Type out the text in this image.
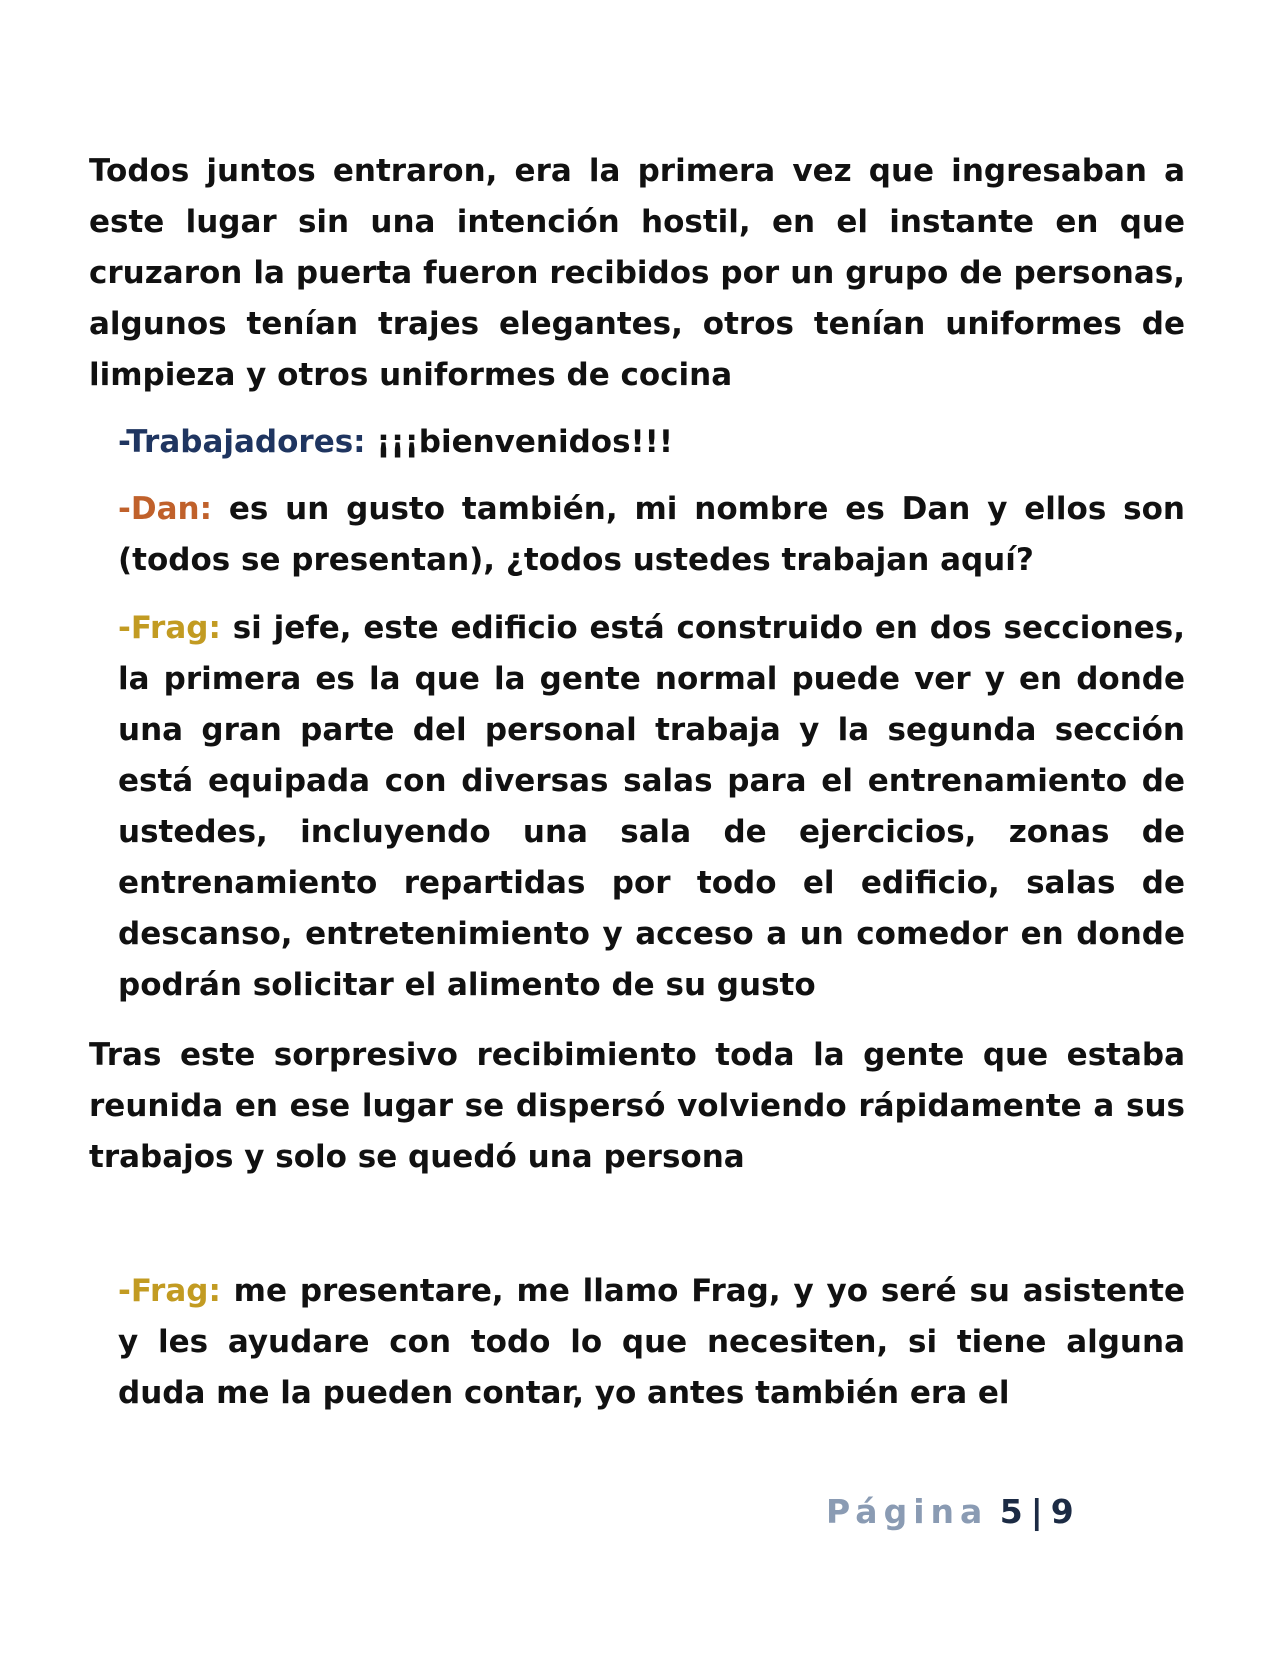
Todos juntos entraron, era la primera vez que ingresaban a este lugar sin una intención hostil, en el instante en que cruzaron la puerta fueron recibidos por un grupo de personas, algunos tenían trajes elegantes, otros tenían uniformes de limpieza y otros uniformes de cocina

-Trabajadores: ¡¡¡bienvenidos!!!

-Dan: es un gusto también, mi nombre es Dan y ellos son (todos se presentan), ¿todos ustedes trabajan aquí?

-Frag: si jefe, este edificio está construido en dos secciones, la primera es la que la gente normal puede ver y en donde una gran parte del personal trabaja y la segunda sección está equipada con diversas salas para el entrenamiento de ustedes, incluyendo una sala de ejercicios, zonas de entrenamiento repartidas por todo el edificio, salas de descanso, entretenimiento y acceso a un comedor en donde podrán solicitar el alimento de su gusto

Tras este sorpresivo recibimiento toda la gente que estaba reunida en ese lugar se dispersó volviendo rápidamente a sus trabajos y solo se quedó una persona

-Frag: me presentare, me llamo Frag, y yo seré su asistente y les ayudare con todo lo que necesiten, si tiene alguna duda me la pueden contar, yo antes también era el

Página 5 | 9
